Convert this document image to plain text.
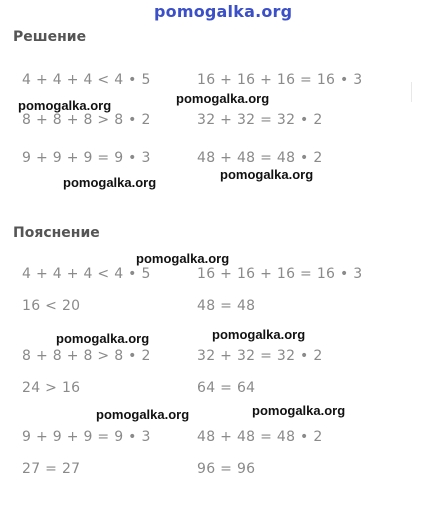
pomogalka.org
Решение
4 + 4 + 4 < 4 • 5	16 + 16 + 16 = 16 • 3
8 + 8 + 8 > 8 • 2	32 + 32 = 32 • 2
9 + 9 + 9 = 9 • 3	48 + 48 = 48 • 2
Пояснение
4 + 4 + 4 < 4 • 5	16 + 16 + 16 = 16 • 3
16 < 20	48 = 48
8 + 8 + 8 > 8 • 2	32 + 32 = 32 • 2
24 > 16	64 = 64
9 + 9 + 9 = 9 • 3	48 + 48 = 48 • 2
27 = 27	96 = 96
pomogalka.org	pomogalka.org
pomogalka.org
pomogalka.org
pomogalka.org
pomogalka.org	pomogalka.org
pomogalka.org	pomogalka.org
